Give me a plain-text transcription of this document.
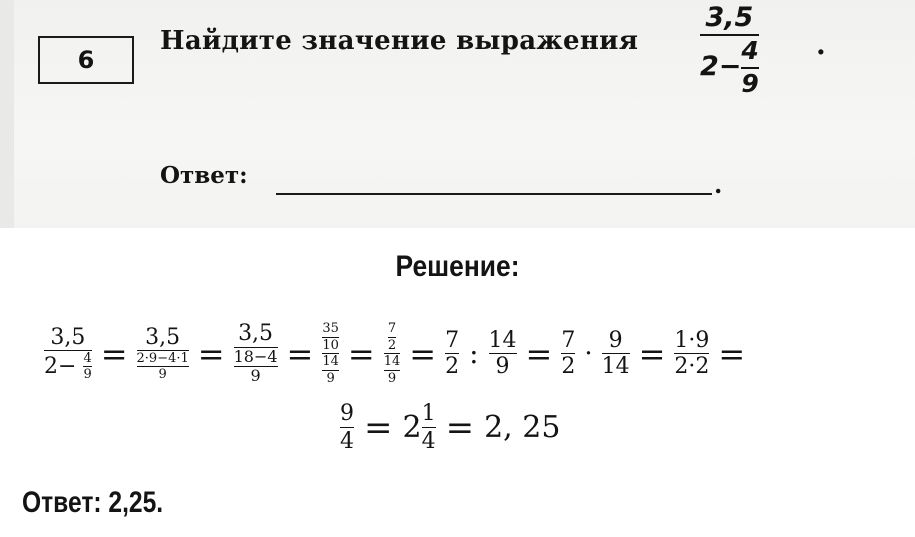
6
Найдите значение выражения $\frac{3,5}{2 - \frac{4}{9}}$ .
Ответ:	.
Решение:
$\frac{3,5}{2- \frac{4}{9}} = \frac{3,5}{\frac{2\cdot 9-4\cdot 1}{9}} = \frac{3,5}{\frac{18-4}{9}} = \frac{\frac{35}{10}}{\frac{14}{9}} = \frac{\frac{7}{2}}{\frac{14}{9}} = \frac{7}{2}$ : $\frac{14}{9} = \frac{7}{2} \cdot \frac{9}{14} = \frac{1\cdot 9}{2\cdot 2}$ =
$\frac{9}{4} = 2 \frac{1}{4} = 2$, 25
Ответ: 2,25.
